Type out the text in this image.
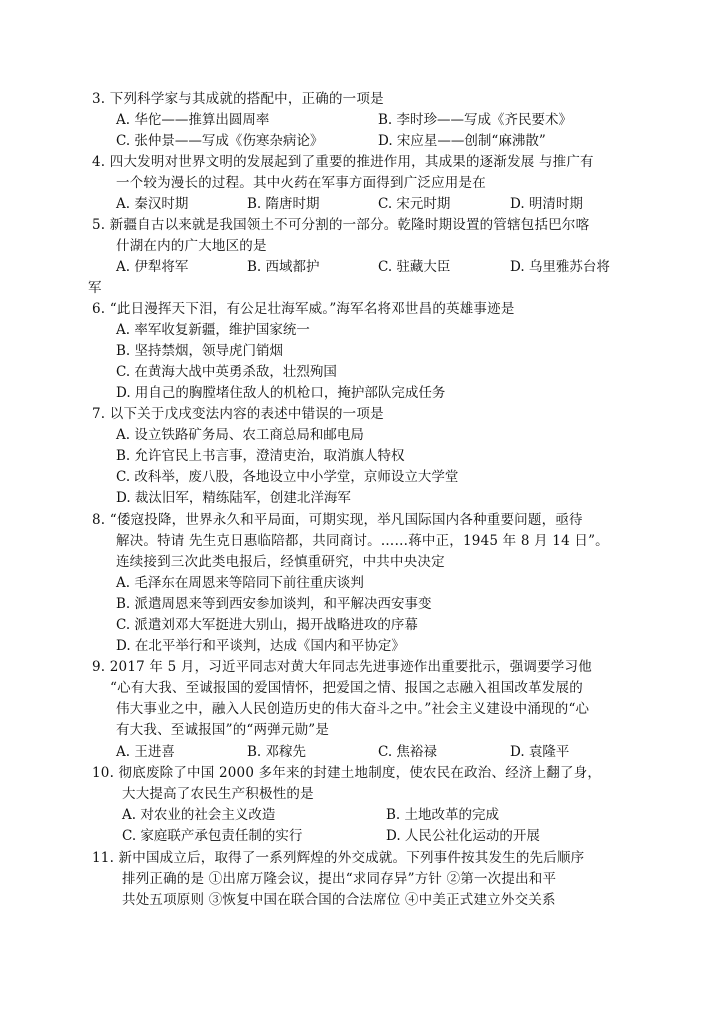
3. 下列科学家与其成就的搭配中，正确的一项是
A. 华佗——推算出圆周率	B. 李时珍——写成《齐民要术》
C. 张仲景——写成《伤寒杂病论》	D. 宋应星——创制“麻沸散”
4. 四大发明对世界文明的发展起到了重要的推进作用，其成果的逐渐发展 与推广有
一个较为漫长的过程。其中火药在军事方面得到广泛应用是在
A. 秦汉时期	B. 隋唐时期	C. 宋元时期	D. 明清时期
5. 新疆自古以来就是我国领土不可分割的一部分。乾隆时期设置的管辖包括巴尔喀
什湖在内的广大地区的是
A. 伊犁将军	B. 西域都护	C. 驻藏大臣	D. 乌里雅苏台将
军
6. “此日漫挥天下泪，有公足壮海军威。”海军名将邓世昌的英雄事迹是
A. 率军收复新疆，维护国家统一
B. 坚持禁烟，领导虎门销烟
C. 在黄海大战中英勇杀敌，壮烈殉国
D. 用自己的胸膛堵住敌人的机枪口，掩护部队完成任务
7. 以下关于戊戌变法内容的表述中错误的一项是
A. 设立铁路矿务局、农工商总局和邮电局
B. 允许官民上书言事，澄清吏治，取消旗人特权
C. 改科举，废八股，各地设立中小学堂，京师设立大学堂
D. 裁汰旧军，精练陆军，创建北洋海军
8. “倭寇投降，世界永久和平局面，可期实现，举凡国际国内各种重要问题，亟待
解决。特请 先生克日惠临陪都，共同商讨。……蒋中正，1945 年 8 月 14 日”。
连续接到三次此类电报后，经慎重研究，中共中央决定
A. 毛泽东在周恩来等陪同下前往重庆谈判
B. 派遣周恩来等到西安参加谈判，和平解决西安事变
C. 派遣刘邓大军挺进大别山，揭开战略进攻的序幕
D. 在北平举行和平谈判，达成《国内和平协定》
9. 2017 年 5 月，习近平同志对黄大年同志先进事迹作出重要批示，强调要学习他
“心有大我、至诚报国的爱国情怀，把爱国之情、报国之志融入祖国改革发展的
伟大事业之中，融入人民创造历史的伟大奋斗之中。”社会主义建设中涌现的“心
有大我、至诚报国”的“两弹元勋”是
A. 王进喜	B. 邓稼先	C. 焦裕禄	D. 袁隆平
10. 彻底废除了中国 2000 多年来的封建土地制度，使农民在政治、经济上翻了身，
大大提高了农民生产积极性的是
A. 对农业的社会主义改造	B. 土地改革的完成
C. 家庭联产承包责任制的实行	D. 人民公社化运动的开展
11. 新中国成立后，取得了一系列辉煌的外交成就。下列事件按其发生的先后顺序
排列正确的是 ①出席万隆会议，提出“求同存异”方针 ②第一次提出和平
共处五项原则 ③恢复中国在联合国的合法席位 ④中美正式建立外交关系
